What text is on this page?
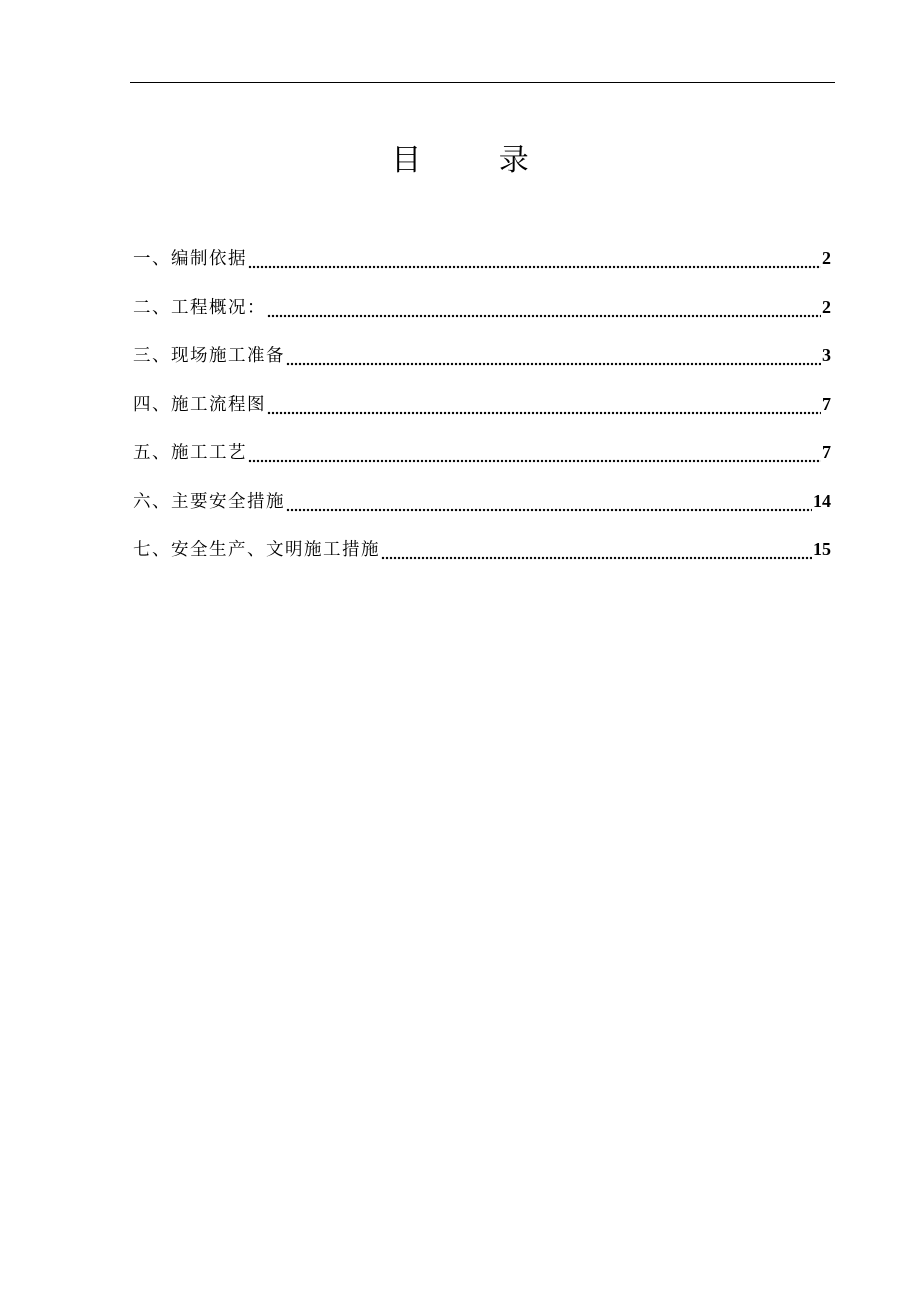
目 录
一、编制依据	2
二、工程概况：	2
三、现场施工准备	3
四、施工流程图	7
五、施工工艺	7
六、主要安全措施	14
七、安全生产、文明施工措施	15
